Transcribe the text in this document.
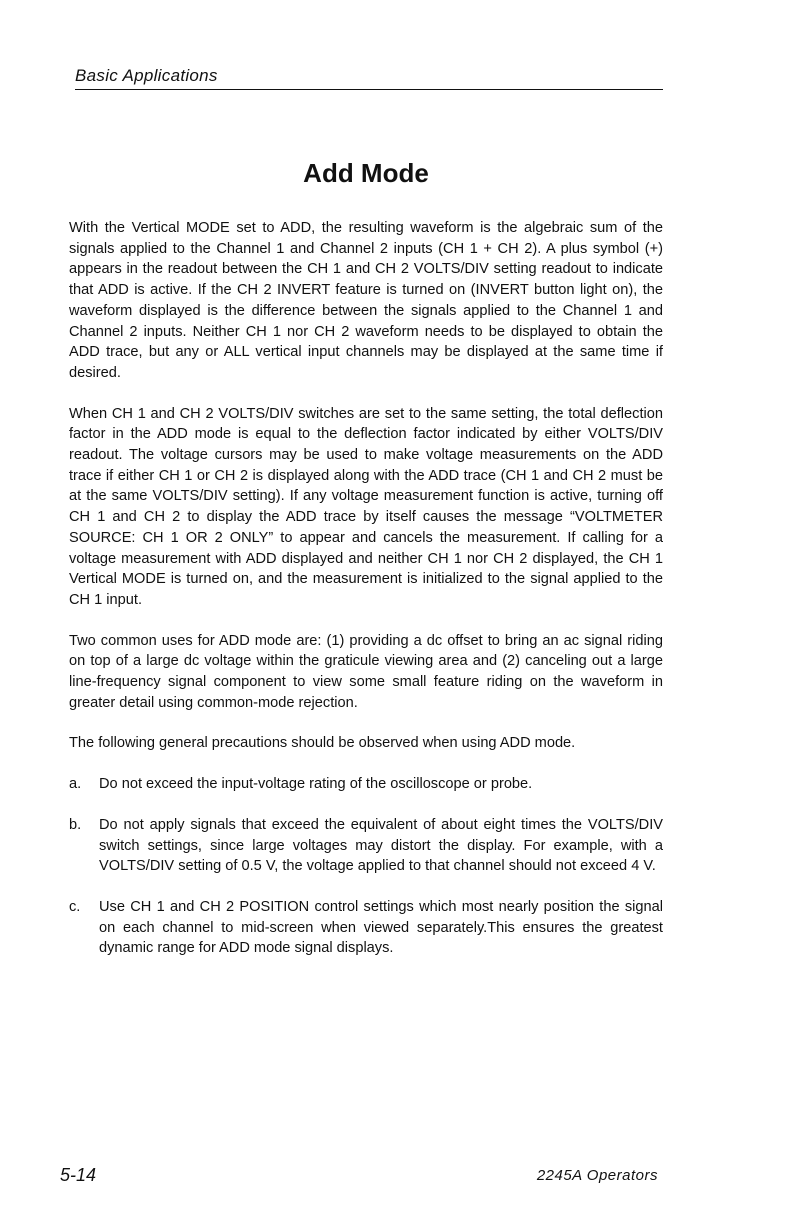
Basic Applications
Add Mode

With the Vertical MODE set to ADD, the resulting waveform is the algebraic sum of the signals applied to the Channel 1 and Channel 2 inputs (CH 1 + CH 2). A plus symbol (+) appears in the readout between the CH 1 and CH 2 VOLTS/DIV setting readout to indicate that ADD is active. If the CH 2 INVERT feature is turned on (INVERT button light on), the waveform displayed is the difference between the signals applied to the Channel 1 and Channel 2 inputs. Neither CH 1 nor CH 2 waveform needs to be displayed to obtain the ADD trace, but any or ALL vertical input channels may be displayed at the same time if desired.

When CH 1 and CH 2 VOLTS/DIV switches are set to the same setting, the total deflection factor in the ADD mode is equal to the deflection factor indicated by either VOLTS/DIV readout. The voltage cursors may be used to make voltage measurements on the ADD trace if either CH 1 or CH 2 is displayed along with the ADD trace (CH 1 and CH 2 must be at the same VOLTS/DIV setting). If any voltage measurement function is active, turning off CH 1 and CH 2 to display the ADD trace by itself causes the message “VOLTMETER SOURCE: CH 1 OR 2 ONLY” to appear and cancels the measurement. If calling for a voltage measurement with ADD displayed and neither CH 1 nor CH 2 displayed, the CH 1 Vertical MODE is turned on, and the measurement is initialized to the signal applied to the CH 1 input.

Two common uses for ADD mode are: (1) providing a dc offset to bring an ac signal riding on top of a large dc voltage within the graticule viewing area and (2) canceling out a large line-frequency signal component to view some small feature riding on the waveform in greater detail using common-mode rejection.

The following general precautions should be observed when using ADD mode.

a.	Do not exceed the input-voltage rating of the oscilloscope or probe.
b.	Do not apply signals that exceed the equivalent of about eight times the VOLTS/DIV switch settings, since large voltages may distort the display. For example, with a VOLTS/DIV setting of 0.5 V, the voltage applied to that channel should not exceed 4 V.
c.	Use CH 1 and CH 2 POSITION control settings which most nearly position the signal on each channel to mid-screen when viewed separately.This ensures the greatest dynamic range for ADD mode signal displays.
5-14	2245A Operators
